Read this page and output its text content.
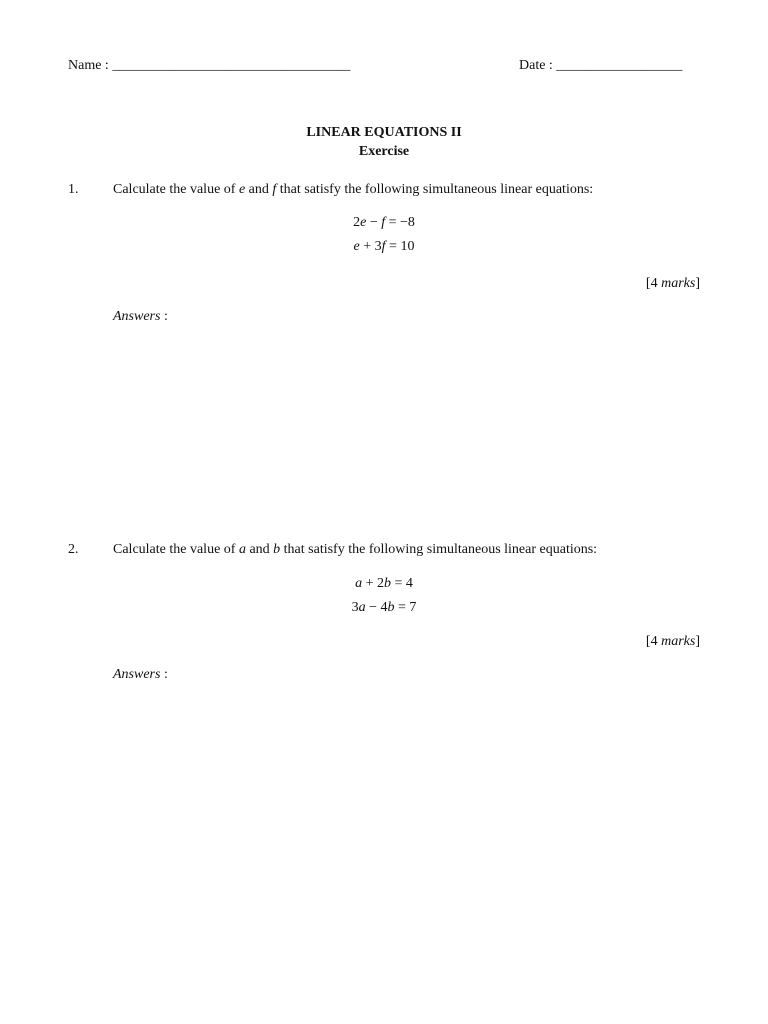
Name : __________________________________	Date : __________________
LINEAR EQUATIONS II
Exercise
1. Calculate the value of e and f that satisfy the following simultaneous linear equations:
2e − f = −8
e + 3f = 10
[4 marks]
Answers :
2. Calculate the value of a and b that satisfy the following simultaneous linear equations:
a + 2b = 4
3a − 4b = 7
[4 marks]
Answers :
